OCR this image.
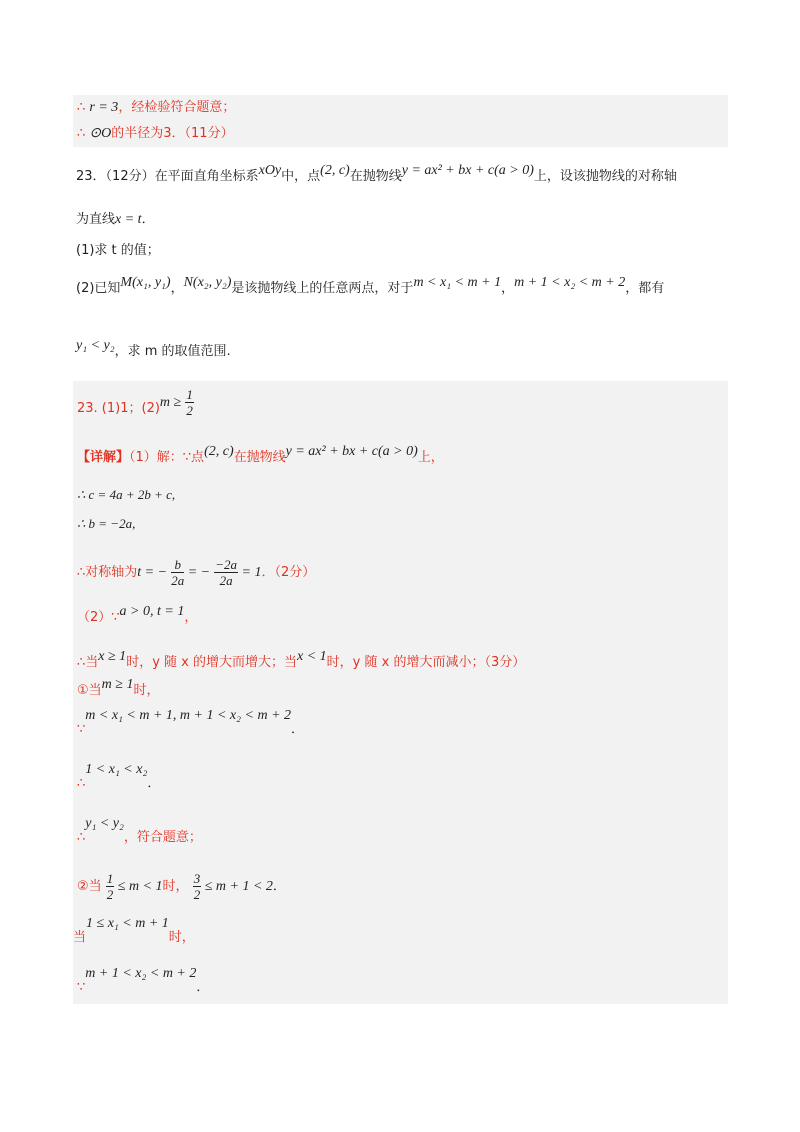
∴ r = 3，经检验符合题意；
∴ ⊙O的半径为3．（11分）
23．（12分）在平面直角坐标系xOy中，点(2, c)在抛物线y = ax² + bx + c(a > 0)上，设该抛物线的对称轴
为直线x = t．
(1)求 t 的值；
(2)已知M(x₁, y₁)，N(x₂, y₂)是该抛物线上的任意两点，对于m < x₁ < m + 1，m + 1 < x₂ < m + 2，都有
y₁ < y₂，求 m 的取值范围.
23. (1)1；$(2)m \ge \frac{1}{2}$
【详解】（1）解：∵点(2, c)在抛物线y = ax² + bx + c(a > 0)上，
∴ c = 4a + 2b + c,
∴ b = −2a,
∴对称轴为t = − $\frac{b}{2a}$ = − $\frac{-2a}{2a} = 1$．（2分）
（2）∵a > 0, t = 1，
∴当x ≥ 1时，y 随 x 的增大而增大；当x < 1时，y 随 x 的增大而减小；（3分）
①当m ≥ 1时，
∵m < x₁ < m + 1, m + 1 < x₂ < m + 2．
∴1 < x₁ < x₂．
∴y₁ < y₂，符合题意；
②当 $\frac{1}{2} \le m < 1$时， $\frac{3}{2} \le m + 1 < 2$．
当1 ≤ x₁ < m + 1时，
∵m + 1 < x₂ < m + 2．
